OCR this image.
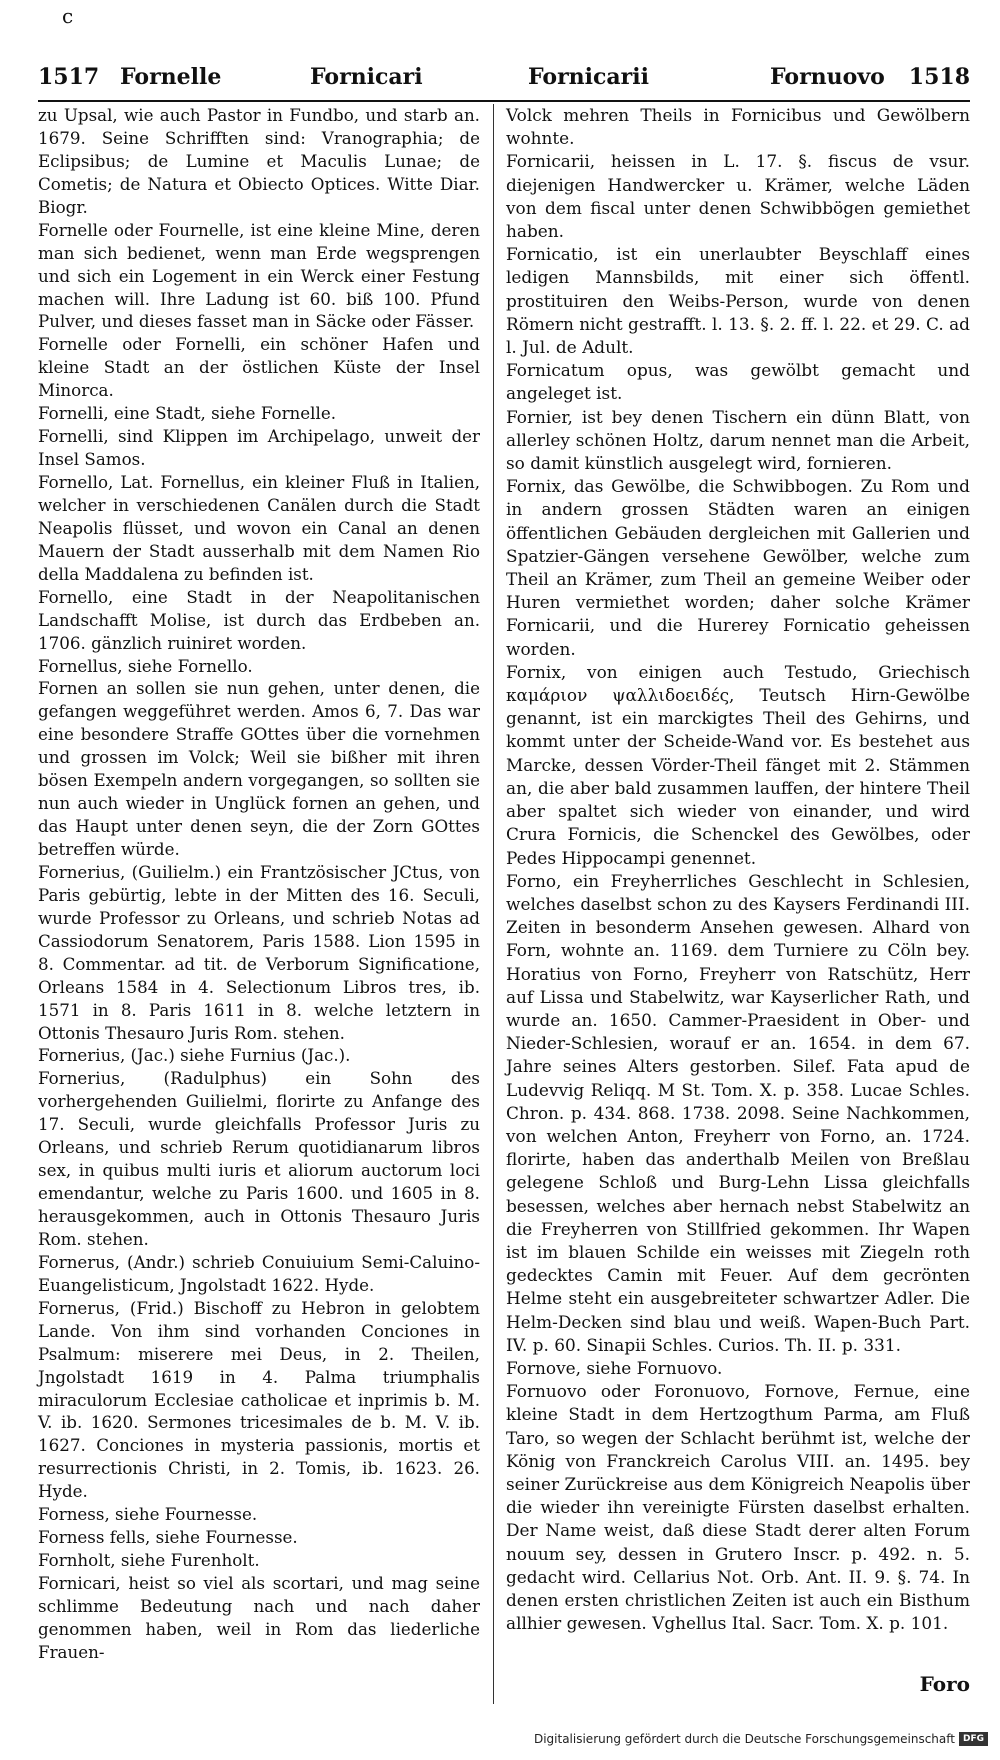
c
1517 Fornelle	Fornicari	Fornicarii	Fornuovo 1518

zu Upsal, wie auch Pastor in Fundbo, und starb an. 1679. Seine Schrifften sind: Vranographia; de Eclipsibus; de Lumine et Maculis Lunae; de Cometis; de Natura et Obiecto Optices. Witte Diar. Biogr.

Fornelle oder Fournelle, ist eine kleine Mine, deren man sich bedienet, wenn man Erde wegsprengen und sich ein Logement in ein Werck einer Festung machen will. Ihre Ladung ist 60. biß 100. Pfund Pulver, und dieses fasset man in Säcke oder Fässer.

Fornelle oder Fornelli, ein schöner Hafen und kleine Stadt an der östlichen Küste der Insel Minorca.

Fornelli, eine Stadt, siehe Fornelle.

Fornelli, sind Klippen im Archipelago, unweit der Insel Samos.

Fornello, Lat. Fornellus, ein kleiner Fluß in Italien, welcher in verschiedenen Canälen durch die Stadt Neapolis flüsset, und wovon ein Canal an denen Mauern der Stadt ausserhalb mit dem Namen Rio della Maddalena zu befinden ist.

Fornello, eine Stadt in der Neapolitanischen Landschafft Molise, ist durch das Erdbeben an. 1706. gänzlich ruiniret worden.

Fornellus, siehe Fornello.

Fornen an sollen sie nun gehen, unter denen, die gefangen weggeführet werden. Amos 6, 7. Das war eine besondere Straffe GOttes über die vornehmen und grossen im Volck; Weil sie bißher mit ihren bösen Exempeln andern vorgegangen, so sollten sie nun auch wieder in Unglück fornen an gehen, und das Haupt unter denen seyn, die der Zorn GOttes betreffen würde.

Fornerius, (Guilielm.) ein Frantzösischer JCtus, von Paris gebürtig, lebte in der Mitten des 16. Seculi, wurde Professor zu Orleans, und schrieb Notas ad Cassiodorum Senatorem, Paris 1588. Lion 1595 in 8. Commentar. ad tit. de Verborum Significatione, Orleans 1584 in 4. Selectionum Libros tres, ib. 1571 in 8. Paris 1611 in 8. welche letztern in Ottonis Thesauro Juris Rom. stehen.

Fornerius, (Jac.) siehe Furnius (Jac.).

Fornerius, (Radulphus) ein Sohn des vorhergehenden Guilielmi, florirte zu Anfange des 17. Seculi, wurde gleichfalls Professor Juris zu Orleans, und schrieb Rerum quotidianarum libros sex, in quibus multi iuris et aliorum auctorum loci emendantur, welche zu Paris 1600. und 1605 in 8. herausgekommen, auch in Ottonis Thesauro Juris Rom. stehen.

Fornerus, (Andr.) schrieb Conuiuium Semi-Caluino-Euangelisticum, Jngolstadt 1622. Hyde.

Fornerus, (Frid.) Bischoff zu Hebron in gelobtem Lande. Von ihm sind vorhanden Conciones in Psalmum: miserere mei Deus, in 2. Theilen, Jngolstadt 1619 in 4. Palma triumphalis miraculorum Ecclesiae catholicae et inprimis b. M. V. ib. 1620. Sermones tricesimales de b. M. V. ib. 1627. Conciones in mysteria passionis, mortis et resurrectionis Christi, in 2. Tomis, ib. 1623. 26. Hyde.

Forness, siehe Fournesse.

Forness fells, siehe Fournesse.

Fornholt, siehe Furenholt.

Fornicari, heist so viel als scortari, und mag seine schlimme Bedeutung nach und nach daher genommen haben, weil in Rom das liederliche Frauen-

Volck mehren Theils in Fornicibus und Gewölbern wohnte.

Fornicarii, heissen in L. 17. §. fiscus de vsur. diejenigen Handwercker u. Krämer, welche Läden von dem fiscal unter denen Schwibbögen gemiethet haben.

Fornicatio, ist ein unerlaubter Beyschlaff eines ledigen Mannsbilds, mit einer sich öffentl. prostituiren den Weibs-Person, wurde von denen Römern nicht gestrafft. l. 13. §. 2. ff. l. 22. et 29. C. ad l. Jul. de Adult.

Fornicatum opus, was gewölbt gemacht und angeleget ist.

Fornier, ist bey denen Tischern ein dünn Blatt, von allerley schönen Holtz, darum nennet man die Arbeit, so damit künstlich ausgelegt wird, fornieren.

Fornix, das Gewölbe, die Schwibbogen. Zu Rom und in andern grossen Städten waren an einigen öffentlichen Gebäuden dergleichen mit Gallerien und Spatzier-Gängen versehene Gewölber, welche zum Theil an Krämer, zum Theil an gemeine Weiber oder Huren vermiethet worden; daher solche Krämer Fornicarii, und die Hurerey Fornicatio geheissen worden.

Fornix, von einigen auch Testudo, Griechisch καμάριον ψαλλιδοειδές, Teutsch Hirn-Gewölbe genannt, ist ein marckigtes Theil des Gehirns, und kommt unter der Scheide-Wand vor. Es bestehet aus Marcke, dessen Vörder-Theil fänget mit 2. Stämmen an, die aber bald zusammen lauffen, der hintere Theil aber spaltet sich wieder von einander, und wird Crura Fornicis, die Schenckel des Gewölbes, oder Pedes Hippocampi genennet.

Forno, ein Freyherrliches Geschlecht in Schlesien, welches daselbst schon zu des Kaysers Ferdinandi III. Zeiten in besonderm Ansehen gewesen. Alhard von Forn, wohnte an. 1169. dem Turniere zu Cöln bey. Horatius von Forno, Freyherr von Ratschütz, Herr auf Lissa und Stabelwitz, war Kayserlicher Rath, und wurde an. 1650. Cammer-Praesident in Ober- und Nieder-Schlesien, worauf er an. 1654. in dem 67. Jahre seines Alters gestorben. Silef. Fata apud de Ludevvig Reliqq. M St. Tom. X. p. 358. Lucae Schles. Chron. p. 434. 868. 1738. 2098. Seine Nachkommen, von welchen Anton, Freyherr von Forno, an. 1724. florirte, haben das anderthalb Meilen von Breßlau gelegene Schloß und Burg-Lehn Lissa gleichfalls besessen, welches aber hernach nebst Stabelwitz an die Freyherren von Stillfried gekommen. Ihr Wapen ist im blauen Schilde ein weisses mit Ziegeln roth gedecktes Camin mit Feuer. Auf dem gecrönten Helme steht ein ausgebreiteter schwartzer Adler. Die Helm-Decken sind blau und weiß. Wapen-Buch Part. IV. p. 60. Sinapii Schles. Curios. Th. II. p. 331.

Fornove, siehe Fornuovo.

Fornuovo oder Foronuovo, Fornove, Fernue, eine kleine Stadt in dem Hertzogthum Parma, am Fluß Taro, so wegen der Schlacht berühmt ist, welche der König von Franckreich Carolus VIII. an. 1495. bey seiner Zurückreise aus dem Königreich Neapolis über die wieder ihn vereinigte Fürsten daselbst erhalten. Der Name weist, daß diese Stadt derer alten Forum nouum sey, dessen in Grutero Inscr. p. 492. n. 5. gedacht wird. Cellarius Not. Orb. Ant. II. 9. §. 74. In denen ersten christlichen Zeiten ist auch ein Bisthum allhier gewesen. Vghellus Ital. Sacr. Tom. X. p. 101.

Foro
Digitalisierung gefördert durch die Deutsche Forschungsgemeinschaft DFG
